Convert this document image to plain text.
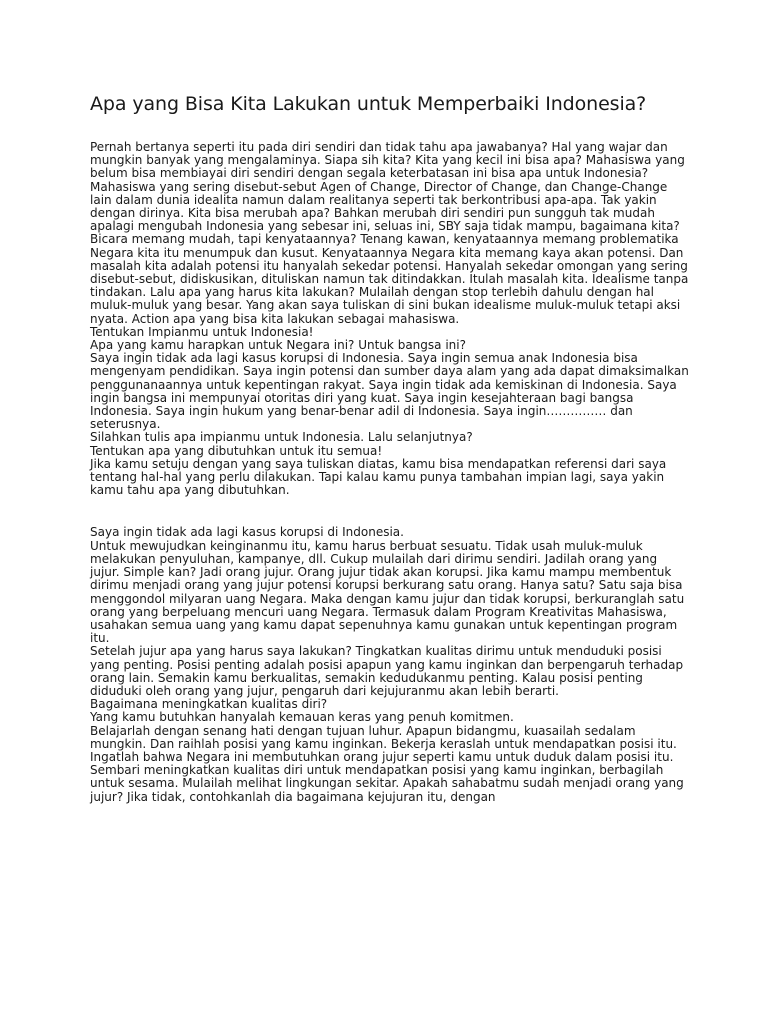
Apa yang Bisa Kita Lakukan untuk Memperbaiki Indonesia?

Pernah bertanya seperti itu pada diri sendiri dan tidak tahu apa jawabanya? Hal yang wajar dan mungkin banyak yang mengalaminya. Siapa sih kita? Kita yang kecil ini bisa apa? Mahasiswa yang belum bisa membiayai diri sendiri dengan segala keterbatasan ini bisa apa untuk Indonesia? Mahasiswa yang sering disebut-sebut Agen of Change, Director of Change, dan Change-Change lain dalam dunia idealita namun dalam realitanya seperti tak berkontribusi apa-apa. Tak yakin dengan dirinya. Kita bisa merubah apa? Bahkan merubah diri sendiri pun sungguh tak mudah apalagi mengubah Indonesia yang sebesar ini, seluas ini, SBY saja tidak mampu, bagaimana kita? Bicara memang mudah, tapi kenyataannya? Tenang kawan, kenyataannya memang problematika Negara kita itu menumpuk dan kusut. Kenyataannya Negara kita memang kaya akan potensi. Dan masalah kita adalah potensi itu hanyalah sekedar potensi. Hanyalah sekedar omongan yang sering disebut-sebut, didiskusikan, dituliskan namun tak ditindakkan. Itulah masalah kita. Idealisme tanpa tindakan. Lalu apa yang harus kita lakukan? Mulailah dengan stop terlebih dahulu dengan hal muluk-muluk yang besar. Yang akan saya tuliskan di sini bukan idealisme muluk-muluk tetapi aksi nyata. Action apa yang bisa kita lakukan sebagai mahasiswa.

Tentukan Impianmu untuk Indonesia!

Apa yang kamu harapkan untuk Negara ini? Untuk bangsa ini?

Saya ingin tidak ada lagi kasus korupsi di Indonesia. Saya ingin semua anak Indonesia bisa mengenyam pendidikan. Saya ingin potensi dan sumber daya alam yang ada dapat dimaksimalkan penggunanaannya untuk kepentingan rakyat. Saya ingin tidak ada kemiskinan di Indonesia. Saya ingin bangsa ini mempunyai otoritas diri yang kuat. Saya ingin kesejahteraan bagi bangsa Indonesia. Saya ingin hukum yang benar-benar adil di Indonesia. Saya ingin…………… dan seterusnya.

Silahkan tulis apa impianmu untuk Indonesia. Lalu selanjutnya?

Tentukan apa yang dibutuhkan untuk itu semua!

Jika kamu setuju dengan yang saya tuliskan diatas, kamu bisa mendapatkan referensi dari saya tentang hal-hal yang perlu dilakukan. Tapi kalau kamu punya tambahan impian lagi, saya yakin kamu tahu apa yang dibutuhkan.

Saya ingin tidak ada lagi kasus korupsi di Indonesia.

Untuk mewujudkan keinginanmu itu, kamu harus berbuat sesuatu. Tidak usah muluk-muluk melakukan penyuluhan, kampanye, dll. Cukup mulailah dari dirimu sendiri. Jadilah orang yang jujur. Simple kan? Jadi orang jujur. Orang jujur tidak akan korupsi. Jika kamu mampu membentuk dirimu menjadi orang yang jujur potensi korupsi berkurang satu orang. Hanya satu? Satu saja bisa menggondol milyaran uang Negara. Maka dengan kamu jujur dan tidak korupsi, berkuranglah satu orang yang berpeluang mencuri uang Negara. Termasuk dalam Program Kreativitas Mahasiswa, usahakan semua uang yang kamu dapat sepenuhnya kamu gunakan untuk kepentingan program itu.

Setelah jujur apa yang harus saya lakukan? Tingkatkan kualitas dirimu untuk menduduki posisi yang penting. Posisi penting adalah posisi apapun yang kamu inginkan dan berpengaruh terhadap orang lain. Semakin kamu berkualitas, semakin kedudukanmu penting. Kalau posisi penting diduduki oleh orang yang jujur, pengaruh dari kejujuranmu akan lebih berarti.

Bagaimana meningkatkan kualitas diri?

Yang kamu butuhkan hanyalah kemauan keras yang penuh komitmen.

Belajarlah dengan senang hati dengan tujuan luhur. Apapun bidangmu, kuasailah sedalam mungkin. Dan raihlah posisi yang kamu inginkan. Bekerja keraslah untuk mendapatkan posisi itu. Ingatlah bahwa Negara ini membutuhkan orang jujur seperti kamu untuk duduk dalam posisi itu.

Sembari meningkatkan kualitas diri untuk mendapatkan posisi yang kamu inginkan, berbagilah untuk sesama. Mulailah melihat lingkungan sekitar. Apakah sahabatmu sudah menjadi orang yang jujur? Jika tidak, contohkanlah dia bagaimana kejujuran itu, dengan
